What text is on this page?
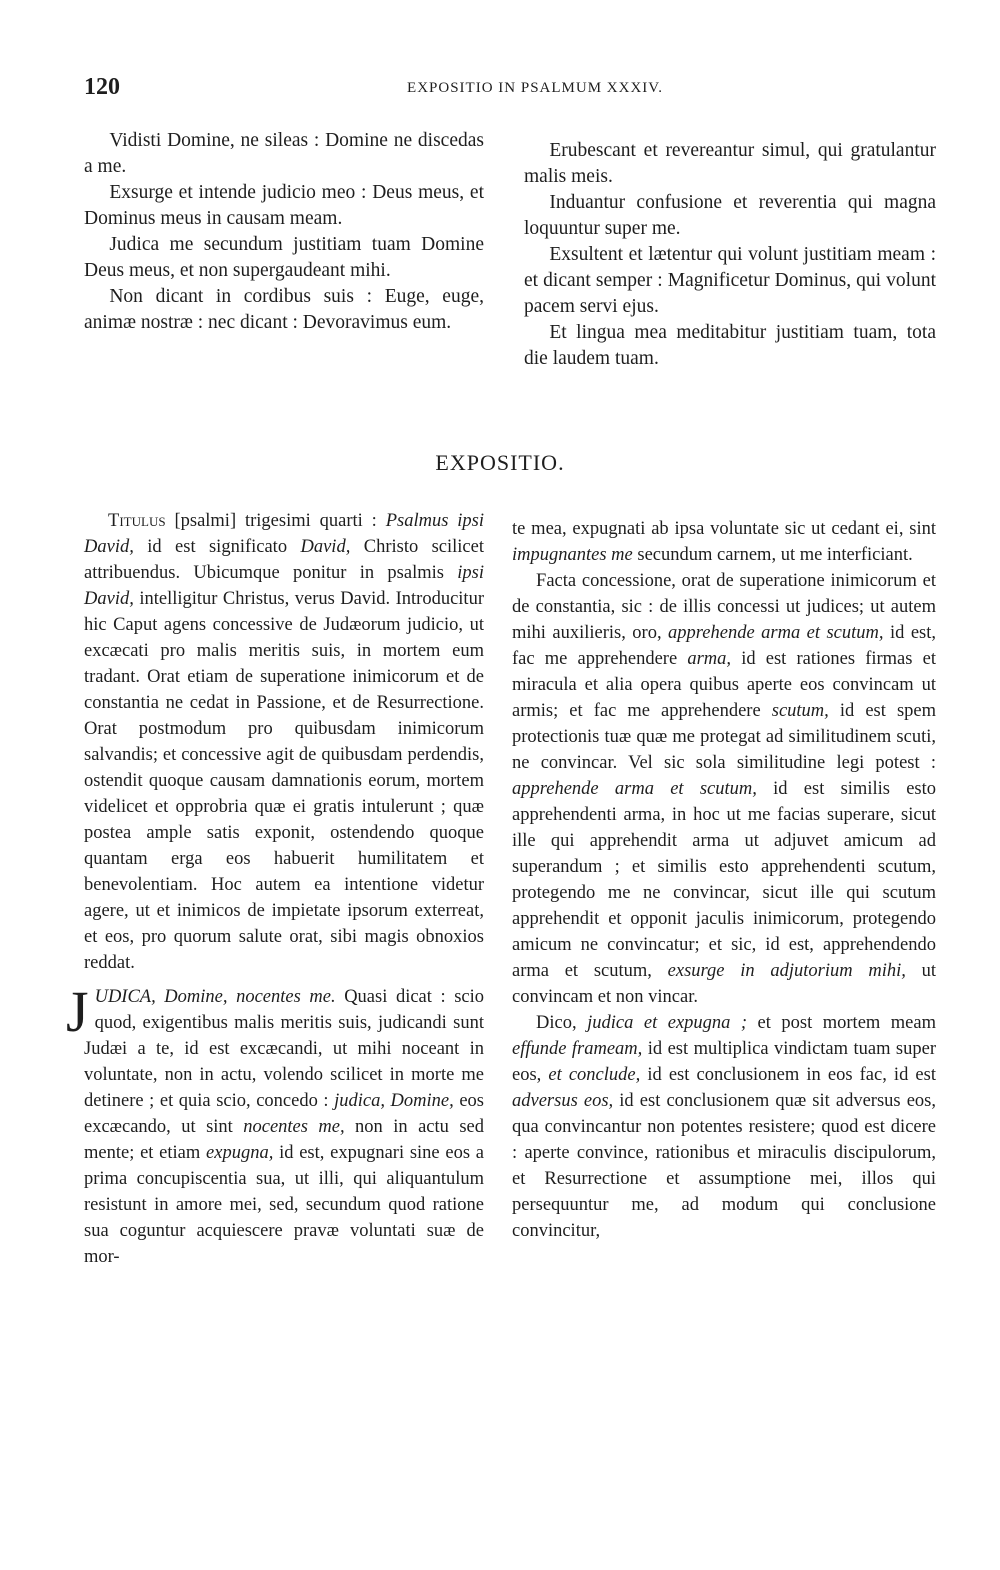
120	EXPOSITIO IN PSALMUM XXXIV.

Vidisti Domine, ne sileas : Domine ne discedas a me.

Exsurge et intende judicio meo : Deus meus, et Dominus meus in causam meam.

Judica me secundum justitiam tuam Domine Deus meus, et non supergaudeant mihi.

Non dicant in cordibus suis : Euge, euge, animæ nostræ : nec dicant : Devoravimus eum.

Erubescant et revereantur simul, qui gratulantur malis meis.

Induantur confusione et reverentia qui magna loquuntur super me.

Exsultent et lætentur qui volunt justitiam meam : et dicant semper : Magnificetur Dominus, qui volunt pacem servi ejus.

Et lingua mea meditabitur justitiam tuam, tota die laudem tuam.

EXPOSITIO.

Titulus [psalmi] trigesimi quarti : Psalmus ipsi David, id est significato David, Christo scilicet attribuendus. Ubicumque ponitur in psalmis ipsi David, intelligitur Christus, verus David. Introducitur hic Caput agens concessive de Judæorum judicio, ut excæcati pro malis meritis suis, in mortem eum tradant. Orat etiam de superatione inimicorum et de constantia ne cedat in Passione, et de Resurrectione. Orat postmodum pro quibusdam inimicorum salvandis; et concessive agit de quibusdam perdendis, ostendit quoque causam damnationis eorum, mortem videlicet et opprobria quæ ei gratis intulerunt ; quæ postea ample satis exponit, ostendendo quoque quantam erga eos habuerit humilitatem et benevolentiam. Hoc autem ea intentione videtur agere, ut et inimicos de impietate ipsorum exterreat, et eos, pro quorum salute orat, sibi magis obnoxios reddat.

JUDICA, Domine, nocentes me. Quasi dicat : scio quod, exigentibus malis meritis suis, judicandi sunt Judæi a te, id est excæcandi, ut mihi noceant in voluntate, non in actu, volendo scilicet in morte me detinere ; et quia scio, concedo : judica, Domine, eos excæcando, ut sint nocentes me, non in actu sed mente; et etiam expugna, id est, expugnari sine eos a prima concupiscentia sua, ut illi, qui aliquantulum resistunt in amore mei, sed, secundum quod ratione sua coguntur acquiescere pravæ voluntati suæ de mor-

te mea, expugnati ab ipsa voluntate sic ut cedant ei, sint impugnantes me secundum carnem, ut me interficiant.

Facta concessione, orat de superatione inimicorum et de constantia, sic : de illis concessi ut judices; ut autem mihi auxilieris, oro, apprehende arma et scutum, id est, fac me apprehendere arma, id est rationes firmas et miracula et alia opera quibus aperte eos convincam ut armis; et fac me apprehendere scutum, id est spem protectionis tuæ quæ me protegat ad similitudinem scuti, ne convincar. Vel sic sola similitudine legi potest : apprehende arma et scutum, id est similis esto apprehendenti arma, in hoc ut me facias superare, sicut ille qui apprehendit arma ut adjuvet amicum ad superandum ; et similis esto apprehendenti scutum, protegendo me ne convincar, sicut ille qui scutum apprehendit et opponit jaculis inimicorum, protegendo amicum ne convincatur; et sic, id est, apprehendendo arma et scutum, exsurge in adjutorium mihi, ut convincam et non vincar.

Dico, judica et expugna ; et post mortem meam effunde frameam, id est multiplica vindictam tuam super eos, et conclude, id est conclusionem in eos fac, id est adversus eos, id est conclusionem quæ sit adversus eos, qua convincantur non potentes resistere; quod est dicere : aperte convince, rationibus et miraculis discipulorum, et Resurrectione et assumptione mei, illos qui persequuntur me, ad modum qui conclusione convincitur,
